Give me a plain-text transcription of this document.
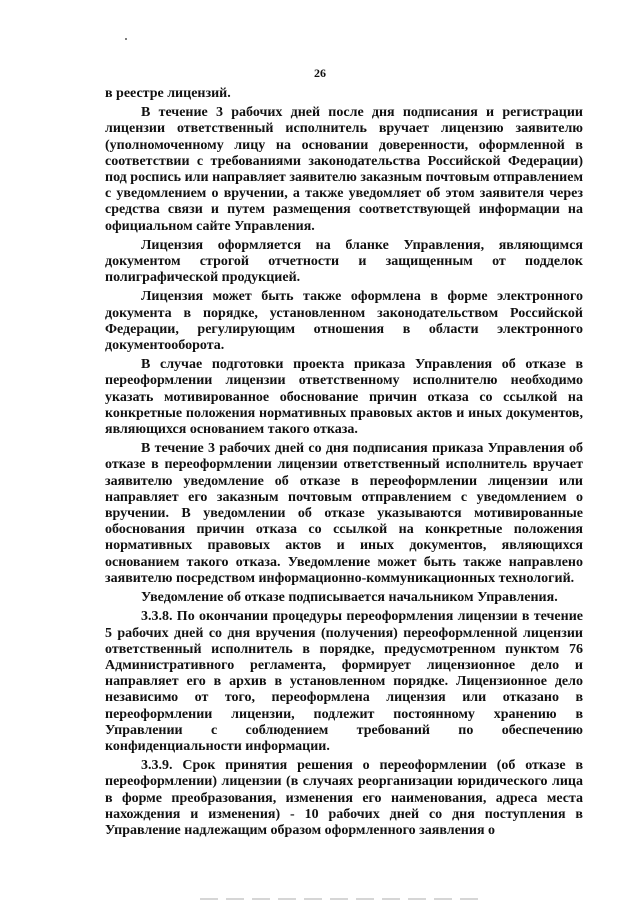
26

в реестре лицензий.

В течение 3 рабочих дней после дня подписания и регистрации лицензии ответственный исполнитель вручает лицензию заявителю (уполномоченному лицу на основании доверенности, оформленной в соответствии с требованиями законодательства Российской Федерации) под роспись или направляет заявителю заказным почтовым отправлением с уведомлением о вручении, а также уведомляет об этом заявителя через средства связи и путем размещения соответствующей информации на официальном сайте Управления.

Лицензия оформляется на бланке Управления, являющимся документом строгой отчетности и защищенным от подделок полиграфической продукцией.

Лицензия может быть также оформлена в форме электронного документа в порядке, установленном законодательством Российской Федерации, регулирующим отношения в области электронного документооборота.

В случае подготовки проекта приказа Управления об отказе в переоформлении лицензии ответственному исполнителю необходимо указать мотивированное обоснование причин отказа со ссылкой на конкретные положения нормативных правовых актов и иных документов, являющихся основанием такого отказа.

В течение 3 рабочих дней со дня подписания приказа Управления об отказе в переоформлении лицензии ответственный исполнитель вручает заявителю уведомление об отказе в переоформлении лицензии или направляет его заказным почтовым отправлением с уведомлением о вручении. В уведомлении об отказе указываются мотивированные обоснования причин отказа со ссылкой на конкретные положения нормативных правовых актов и иных документов, являющихся основанием такого отказа. Уведомление может быть также направлено заявителю посредством информационно-коммуникационных технологий.

Уведомление об отказе подписывается начальником Управления.

3.3.8. По окончании процедуры переоформления лицензии в течение 5 рабочих дней со дня вручения (получения) переоформленной лицензии ответственный исполнитель в порядке, предусмотренном пунктом 76 Административного регламента, формирует лицензионное дело и направляет его в архив в установленном порядке. Лицензионное дело независимо от того, переоформлена лицензия или отказано в переоформлении лицензии, подлежит постоянному хранению в Управлении с соблюдением требований по обеспечению конфиденциальности информации.

3.3.9. Срок принятия решения о переоформлении (об отказе в переоформлении) лицензии (в случаях реорганизации юридического лица в форме преобразования, изменения его наименования, адреса места нахождения и изменения) - 10 рабочих дней со дня поступления в Управление надлежащим образом оформленного заявления о
